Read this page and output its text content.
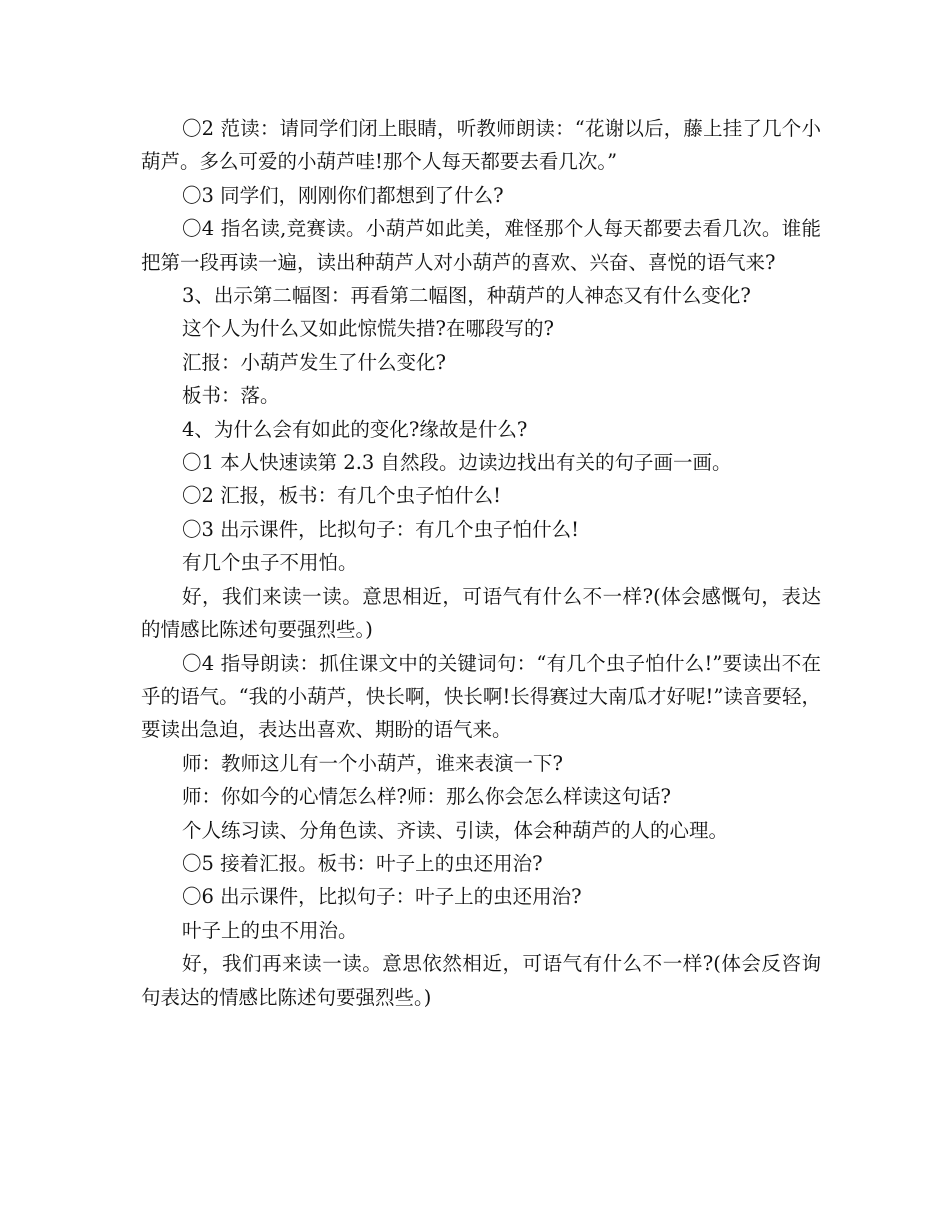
〇2 范读：请同学们闭上眼睛，听教师朗读：“花谢以后，藤上挂了几个小葫芦。多么可爱的小葫芦哇!那个人每天都要去看几次。”

〇3 同学们，刚刚你们都想到了什么?

〇4 指名读,竞赛读。小葫芦如此美，难怪那个人每天都要去看几次。谁能把第一段再读一遍，读出种葫芦人对小葫芦的喜欢、兴奋、喜悦的语气来?

3、出示第二幅图：再看第二幅图，种葫芦的人神态又有什么变化?

这个人为什么又如此惊慌失措?在哪段写的?

汇报：小葫芦发生了什么变化?

板书：落。

4、为什么会有如此的变化?缘故是什么?

〇1 本人快速读第 2.3 自然段。边读边找出有关的句子画一画。

〇2 汇报，板书：有几个虫子怕什么!

〇3 出示课件，比拟句子：有几个虫子怕什么!

有几个虫子不用怕。

好，我们来读一读。意思相近，可语气有什么不一样?(体会感慨句，表达的情感比陈述句要强烈些。)

〇4 指导朗读：抓住课文中的关键词句：“有几个虫子怕什么!”要读出不在乎的语气。“我的小葫芦，快长啊，快长啊!长得赛过大南瓜才好呢!”读音要轻，要读出急迫，表达出喜欢、期盼的语气来。

师：教师这儿有一个小葫芦，谁来表演一下?

师：你如今的心情怎么样?师：那么你会怎么样读这句话?

个人练习读、分角色读、齐读、引读，体会种葫芦的人的心理。

〇5 接着汇报。板书：叶子上的虫还用治?

〇6 出示课件，比拟句子：叶子上的虫还用治?

叶子上的虫不用治。

好，我们再来读一读。意思依然相近，可语气有什么不一样?(体会反咨询句表达的情感比陈述句要强烈些。)
